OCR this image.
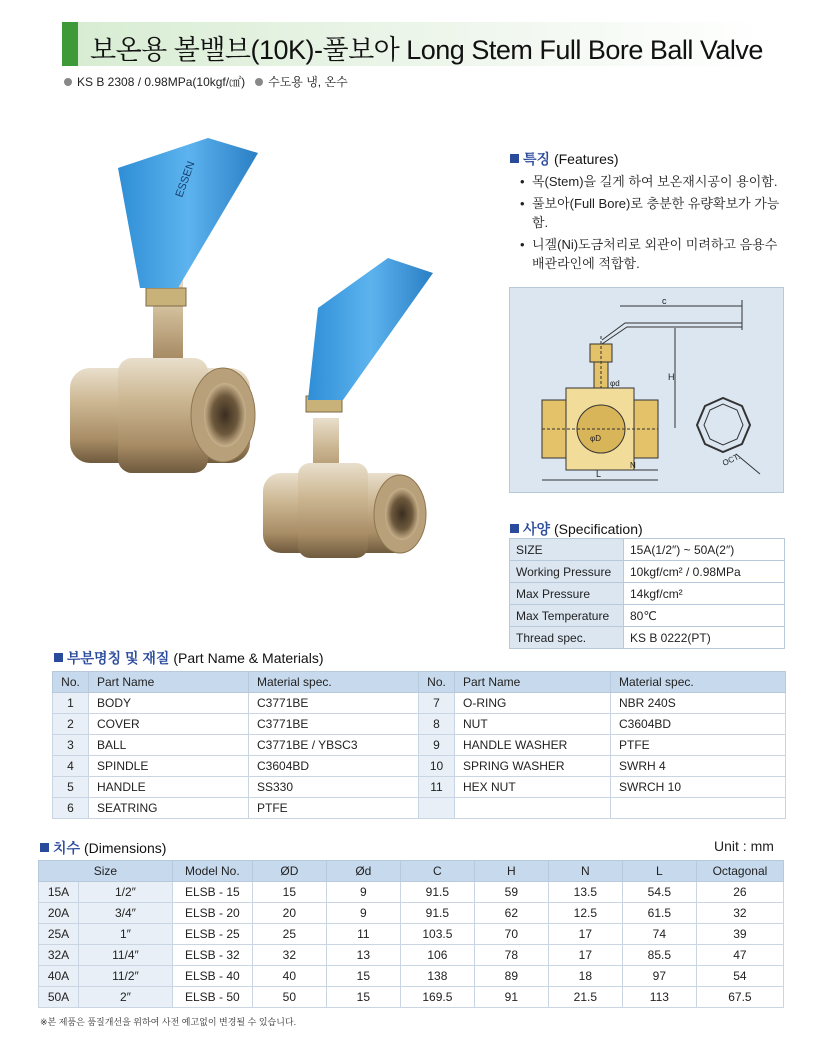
보온용 볼밸브(10K)-풀보아 Long Stem Full Bore Ball Valve
KS B 2308 / 0.98MPa(10kgf/㎠) 수도용 냉, 온수
ESSEN
특징 (Features)
• 목(Stem)을 길게 하여 보온재시공이 용이함.
• 풀보아(Full Bore)로 충분한 유량확보가 가능함.
• 니겔(Ni)도금처리로 외관이 미려하고 음용수 배관라인에 적합함.
c
H
φd
φD
N
L
OCT.
사양 (Specification)
SIZE	15A(1/2″) ~ 50A(2″)
Working Pressure	10kgf/cm² / 0.98MPa
Max Pressure	14kgf/cm²
Max Temperature	80℃
Thread spec.	KS B 0222(PT)
부분명칭 및 재질 (Part Name & Materials)
No.	Part Name	Material spec.	No.	Part Name	Material spec.
1	BODY	C3771BE	7	O-RING	NBR 240S
2	COVER	C3771BE	8	NUT	C3604BD
3	BALL	C3771BE / YBSC3	9	HANDLE WASHER	PTFE
4	SPINDLE	C3604BD	10	SPRING WASHER	SWRH 4
5	HANDLE	SS330	11	HEX NUT	SWRCH 10
6	SEATRING	PTFE			
치수 (Dimensions)	Unit : mm
Size		Model No.	ØD	Ød	C	H	N	L	Octagonal
15A	1/2″	ELSB - 15	15	9	91.5	59	13.5	54.5	26
20A	3/4″	ELSB - 20	20	9	91.5	62	12.5	61.5	32
25A	1″	ELSB - 25	25	11	103.5	70	17	74	39
32A	11/4″	ELSB - 32	32	13	106	78	17	85.5	47
40A	11/2″	ELSB - 40	40	15	138	89	18	97	54
50A	2″	ELSB - 50	50	15	169.5	91	21.5	113	67.5
※본 제품은 품질개선을 위하여 사전 예고없이 변경될 수 있습니다.
